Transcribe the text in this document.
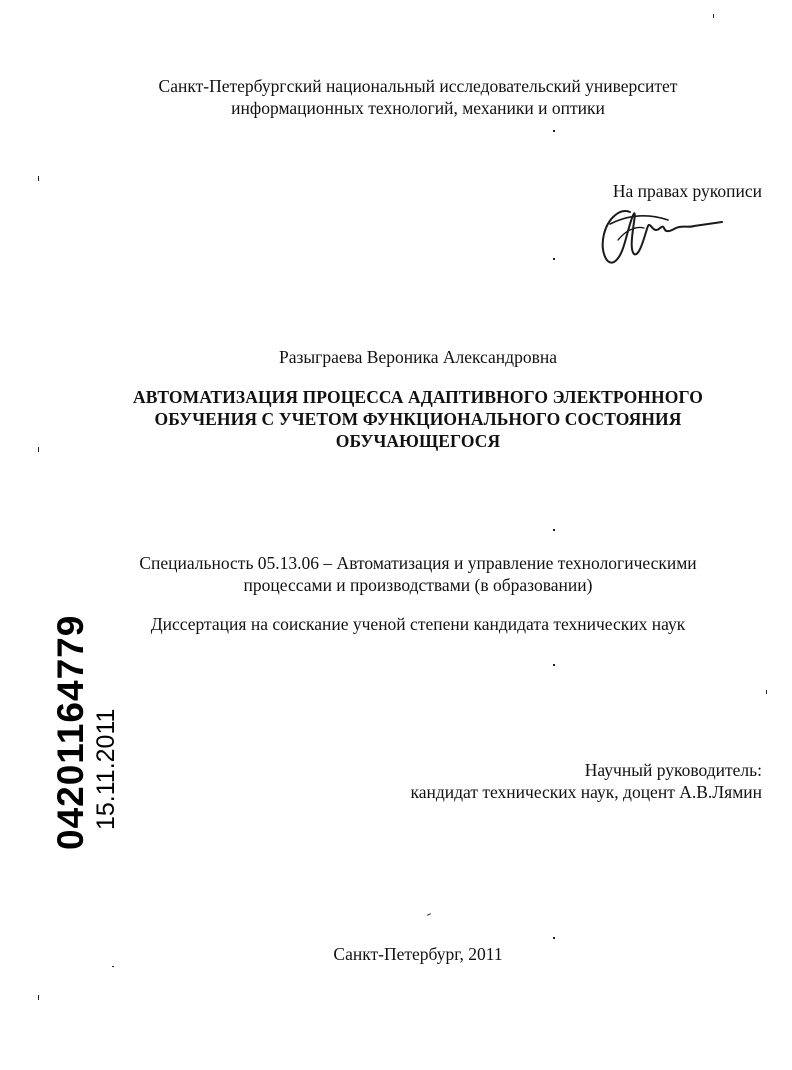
Санкт-Петербургский национальный исследовательский университет
информационных технологий, механики и оптики
На правах рукописи
Разыграева Вероника Александровна
АВТОМАТИЗАЦИЯ ПРОЦЕССА АДАПТИВНОГО ЭЛЕКТРОННОГО
ОБУЧЕНИЯ С УЧЕТОМ ФУНКЦИОНАЛЬНОГО СОСТОЯНИЯ
ОБУЧАЮЩЕГОСЯ
Специальность 05.13.06 – Автоматизация и управление технологическими
процессами и производствами (в образовании)
Диссертация на соискание ученой степени кандидата технических наук
Научный руководитель:
кандидат технических наук, доцент А.В.Лямин
Санкт-Петербург, 2011
04201164779 15.11.2011
